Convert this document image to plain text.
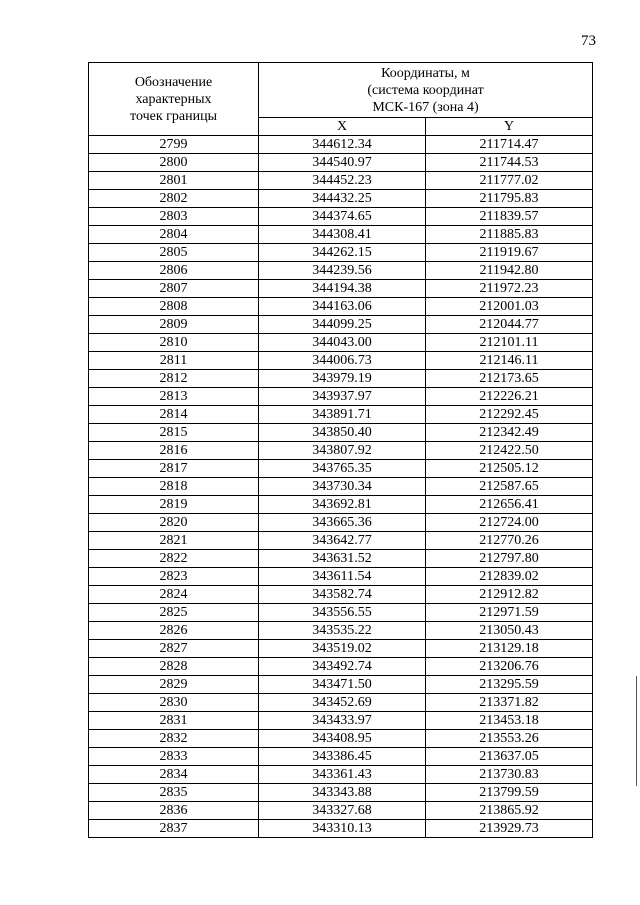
73
Обозначение
характерных
точек границы	Координаты, м
(система координат
МСК-167 (зона 4)	

	X	Y
2799	344612.34	211714.47
2800	344540.97	211744.53
2801	344452.23	211777.02
2802	344432.25	211795.83
2803	344374.65	211839.57
2804	344308.41	211885.83
2805	344262.15	211919.67
2806	344239.56	211942.80
2807	344194.38	211972.23
2808	344163.06	212001.03
2809	344099.25	212044.77
2810	344043.00	212101.11
2811	344006.73	212146.11
2812	343979.19	212173.65
2813	343937.97	212226.21
2814	343891.71	212292.45
2815	343850.40	212342.49
2816	343807.92	212422.50
2817	343765.35	212505.12
2818	343730.34	212587.65
2819	343692.81	212656.41
2820	343665.36	212724.00
2821	343642.77	212770.26
2822	343631.52	212797.80
2823	343611.54	212839.02
2824	343582.74	212912.82
2825	343556.55	212971.59
2826	343535.22	213050.43
2827	343519.02	213129.18
2828	343492.74	213206.76
2829	343471.50	213295.59
2830	343452.69	213371.82
2831	343433.97	213453.18
2832	343408.95	213553.26
2833	343386.45	213637.05
2834	343361.43	213730.83
2835	343343.88	213799.59
2836	343327.68	213865.92
2837	343310.13	213929.73
